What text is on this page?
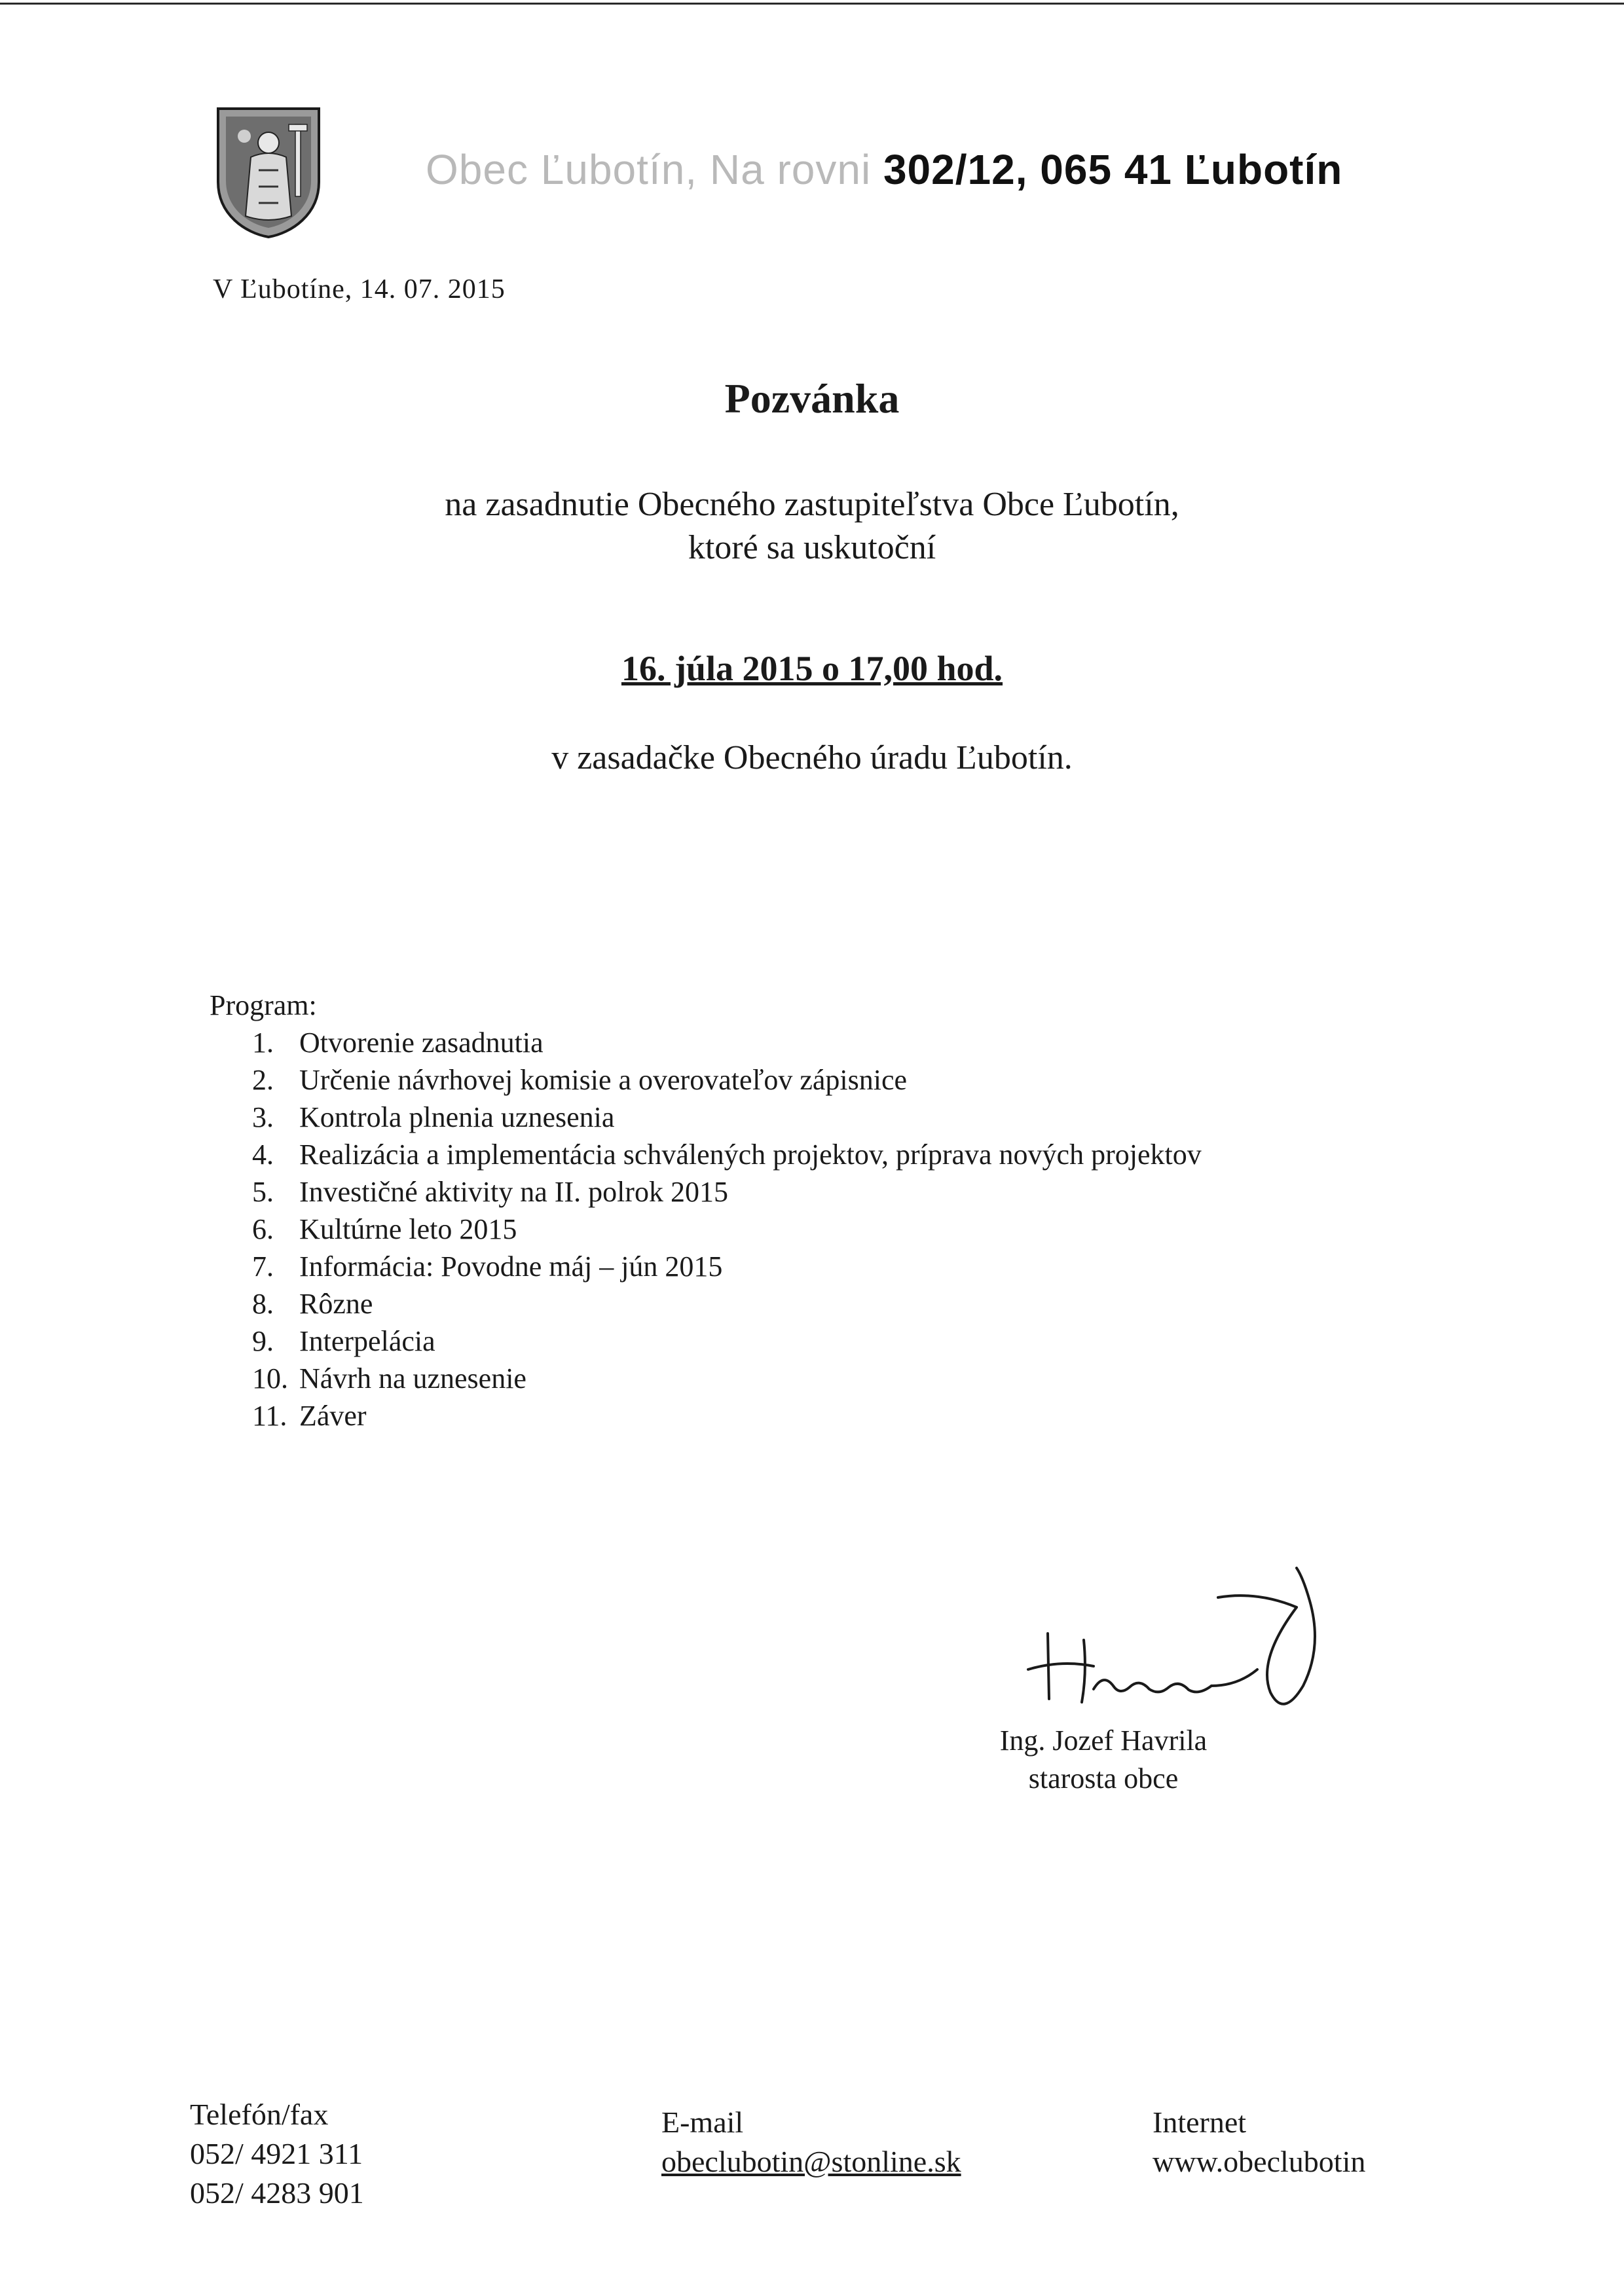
Obec Ľubotín, Na rovni 302/12, 065 41 Ľubotín
V Ľubotíne, 14. 07. 2015
Pozvánka
na zasadnutie Obecného zastupiteľstva Obce Ľubotín,
ktoré sa uskutoční
16. júla 2015 o 17,00 hod.
v zasadačke Obecného úradu Ľubotín.
Program:
1. Otvorenie zasadnutia
2. Určenie návrhovej komisie a overovateľov zápisnice
3. Kontrola plnenia uznesenia
4. Realizácia a implementácia schválených projektov, príprava nových projektov
5. Investičné aktivity na II. polrok 2015
6. Kultúrne leto 2015
7. Informácia: Povodne máj – jún 2015
8. Rôzne
9. Interpelácia
10. Návrh na uznesenie
11. Záver
Ing. Jozef Havrila
starosta obce
Telefón/fax
052/ 4921 311
052/ 4283 901
E-mail
obeclubotin@stonline.sk
Internet
www.obeclubotin
